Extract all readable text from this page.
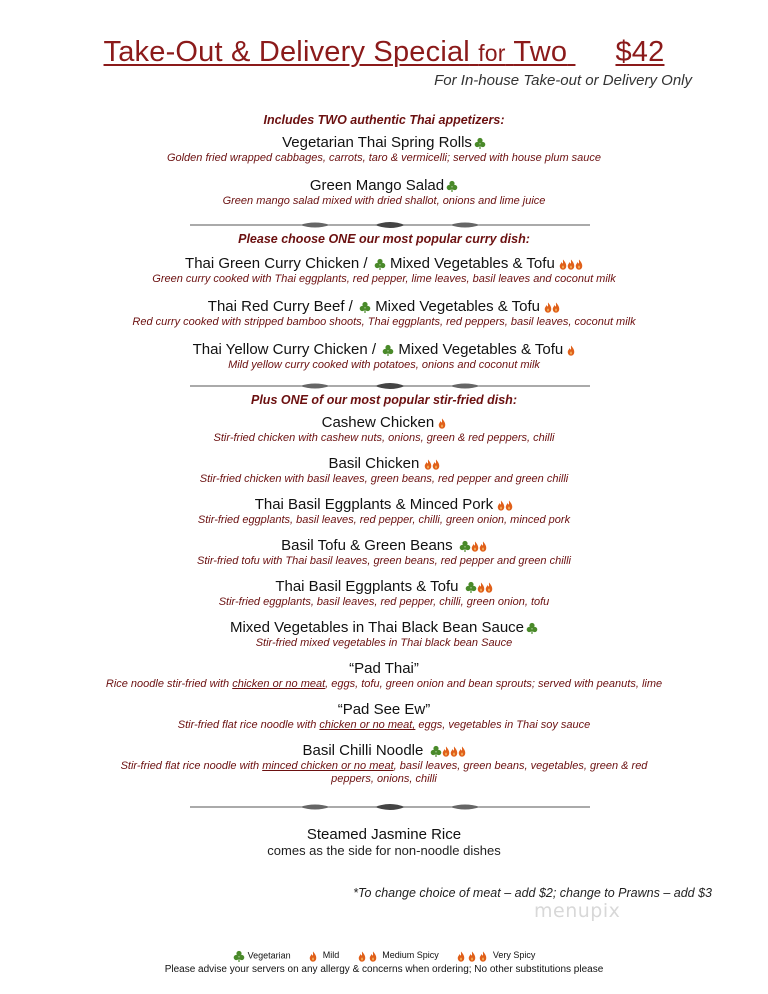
Take-Out & Delivery Special for Two $42
For In-house Take-out or Delivery Only
Includes TWO authentic Thai appetizers:
Vegetarian Thai Spring Rolls
Golden fried wrapped cabbages, carrots, taro & vermicelli; served with house plum sauce
Green Mango Salad
Green mango salad mixed with dried shallot, onions and lime juice
Please choose ONE our most popular curry dish:
Thai Green Curry Chicken / Mixed Vegetables & Tofu
Green curry cooked with Thai eggplants, red pepper, lime leaves, basil leaves and coconut milk
Thai Red Curry Beef / Mixed Vegetables & Tofu
Red curry cooked with stripped bamboo shoots, Thai eggplants, red peppers, basil leaves, coconut milk
Thai Yellow Curry Chicken / Mixed Vegetables & Tofu
Mild yellow curry cooked with potatoes, onions and coconut milk
Plus ONE of our most popular stir-fried dish:
Cashew Chicken
Stir-fried chicken with cashew nuts, onions, green & red peppers, chilli
Basil Chicken
Stir-fried chicken with basil leaves, green beans, red pepper and green chilli
Thai Basil Eggplants & Minced Pork
Stir-fried eggplants, basil leaves, red pepper, chilli, green onion, minced pork
Basil Tofu & Green Beans
Stir-fried tofu with Thai basil leaves, green beans, red pepper and green chilli
Thai Basil Eggplants & Tofu
Stir-fried eggplants, basil leaves, red pepper, chilli, green onion, tofu
Mixed Vegetables in Thai Black Bean Sauce
Stir-fried mixed vegetables in Thai black bean Sauce
“Pad Thai”
Rice noodle stir-fried with chicken or no meat, eggs, tofu, green onion and bean sprouts; served with peanuts, lime
“Pad See Ew”
Stir-fried flat rice noodle with chicken or no meat, eggs, vegetables in Thai soy sauce
Basil Chilli Noodle
Stir-fried flat rice noodle with minced chicken or no meat, basil leaves, green beans, vegetables, green & red
peppers, onions, chilli
Steamed Jasmine Rice
comes as the side for non-noodle dishes
*To change choice of meat – add $2; change to Prawns – add $3
menupix
Vegetarian	Mild	Medium Spicy	Very Spicy
Please advise your servers on any allergy & concerns when ordering; No other substitutions please
